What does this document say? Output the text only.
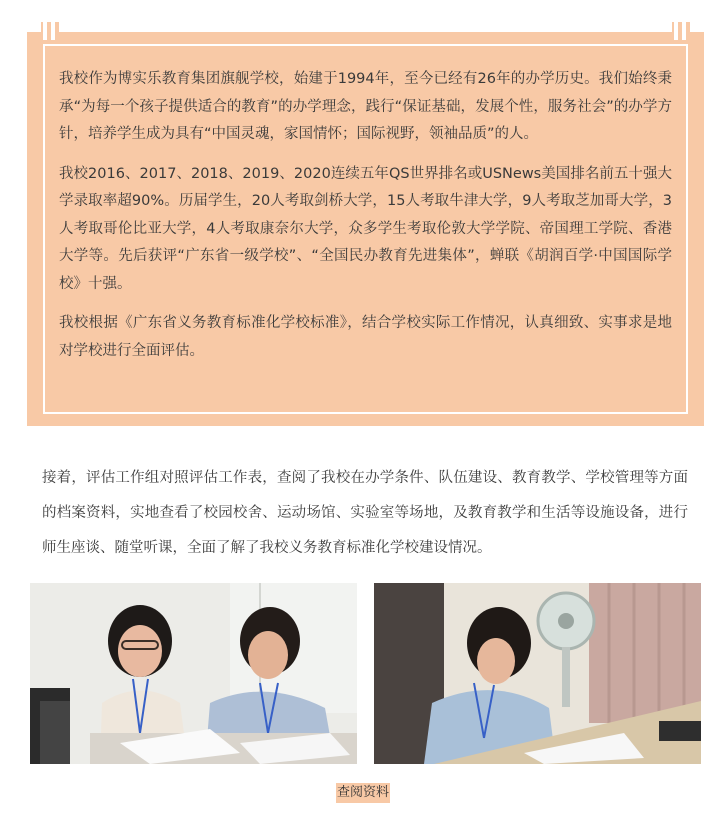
我校作为博实乐教育集团旗舰学校，始建于1994年，至今已经有26年的办学历史。我们始终秉承“为每一个孩子提供适合的教育”的办学理念，践行“保证基础，发展个性，服务社会”的办学方针，培养学生成为具有“中国灵魂，家国情怀；国际视野，领袖品质”的人。

我校2016、2017、2018、2019、2020连续五年QS世界排名或USNews美国排名前五十强大学录取率超90%。历届学生，20人考取剑桥大学，15人考取牛津大学，9人考取芝加哥大学，3人考取哥伦比亚大学，4人考取康奈尔大学，众多学生考取伦敦大学学院、帝国理工学院、香港大学等。先后获评“广东省一级学校”、“全国民办教育先进集体”，蝉联《胡润百学·中国国际学校》十强。

我校根据《广东省义务教育标准化学校标准》，结合学校实际工作情况，认真细致、实事求是地对学校进行全面评估。

接着，评估工作组对照评估工作表，查阅了我校在办学条件、队伍建设、教育教学、学校管理等方面的档案资料，实地查看了校园校舍、运动场馆、实验室等场地，及教育教学和生活等设施设备，进行师生座谈、随堂听课，全面了解了我校义务教育标准化学校建设情况。

查阅资料
